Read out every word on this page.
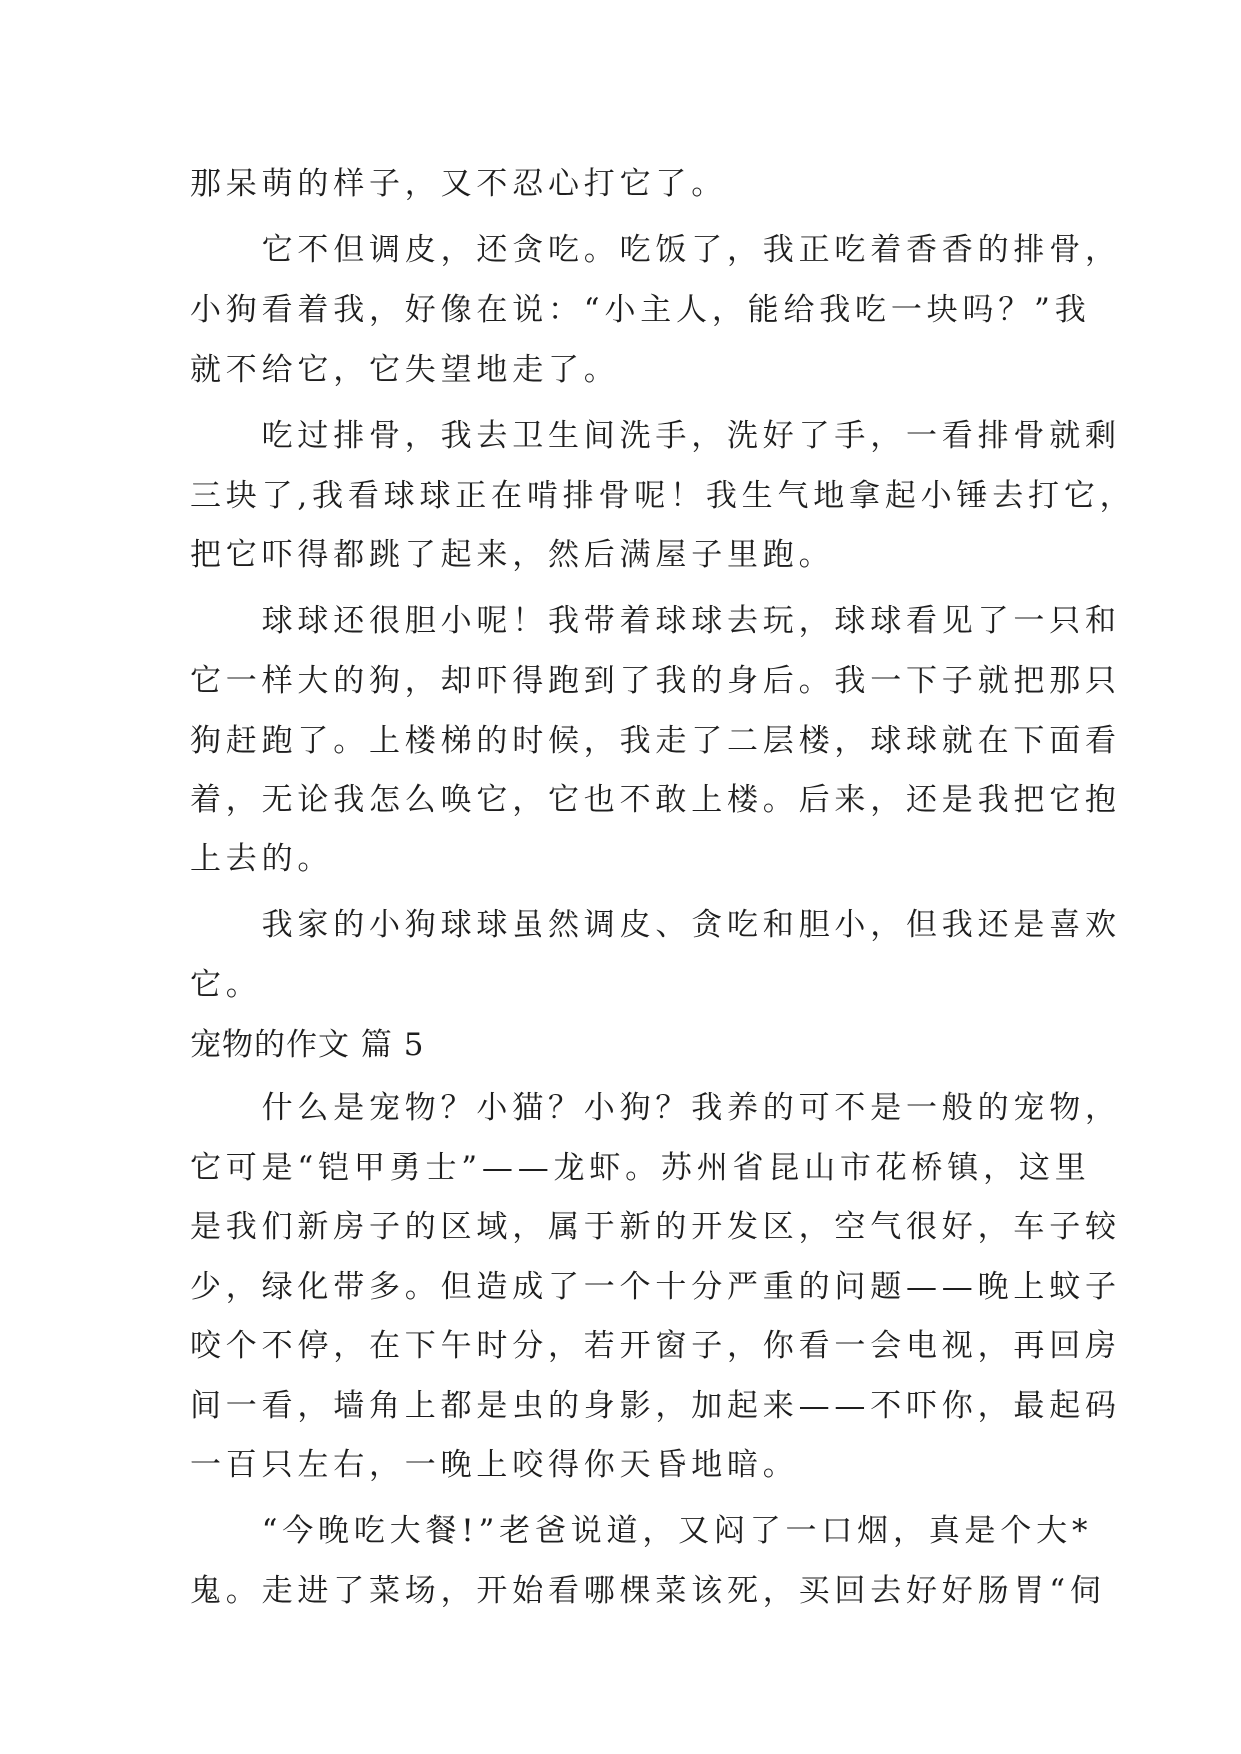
那呆萌的样子，又不忍心打它了。
　　它不但调皮，还贪吃。吃饭了，我正吃着香香的排骨，
小狗看着我，好像在说：“小主人，能给我吃一块吗？”我
就不给它，它失望地走了。
　　吃过排骨，我去卫生间洗手，洗好了手，一看排骨就剩
三块了,我看球球正在啃排骨呢！我生气地拿起小锤去打它，
把它吓得都跳了起来，然后满屋子里跑。
　　球球还很胆小呢！我带着球球去玩，球球看见了一只和
它一样大的狗，却吓得跑到了我的身后。我一下子就把那只
狗赶跑了。上楼梯的时候，我走了二层楼，球球就在下面看
着，无论我怎么唤它，它也不敢上楼。后来，还是我把它抱
上去的。
　　我家的小狗球球虽然调皮、贪吃和胆小，但我还是喜欢
它。
宠物的作文 篇 5
　　什么是宠物？小猫？小狗？我养的可不是一般的宠物，
它可是“铠甲勇士”——龙虾。苏州省昆山市花桥镇，这里
是我们新房子的区域，属于新的开发区，空气很好，车子较
少，绿化带多。但造成了一个十分严重的问题——晚上蚊子
咬个不停，在下午时分，若开窗子，你看一会电视，再回房
间一看，墙角上都是虫的身影，加起来——不吓你，最起码
一百只左右，一晚上咬得你天昏地暗。
　　“今晚吃大餐!”老爸说道，又闷了一口烟，真是个大*
鬼。走进了菜场，开始看哪棵菜该死，买回去好好肠胃“伺
